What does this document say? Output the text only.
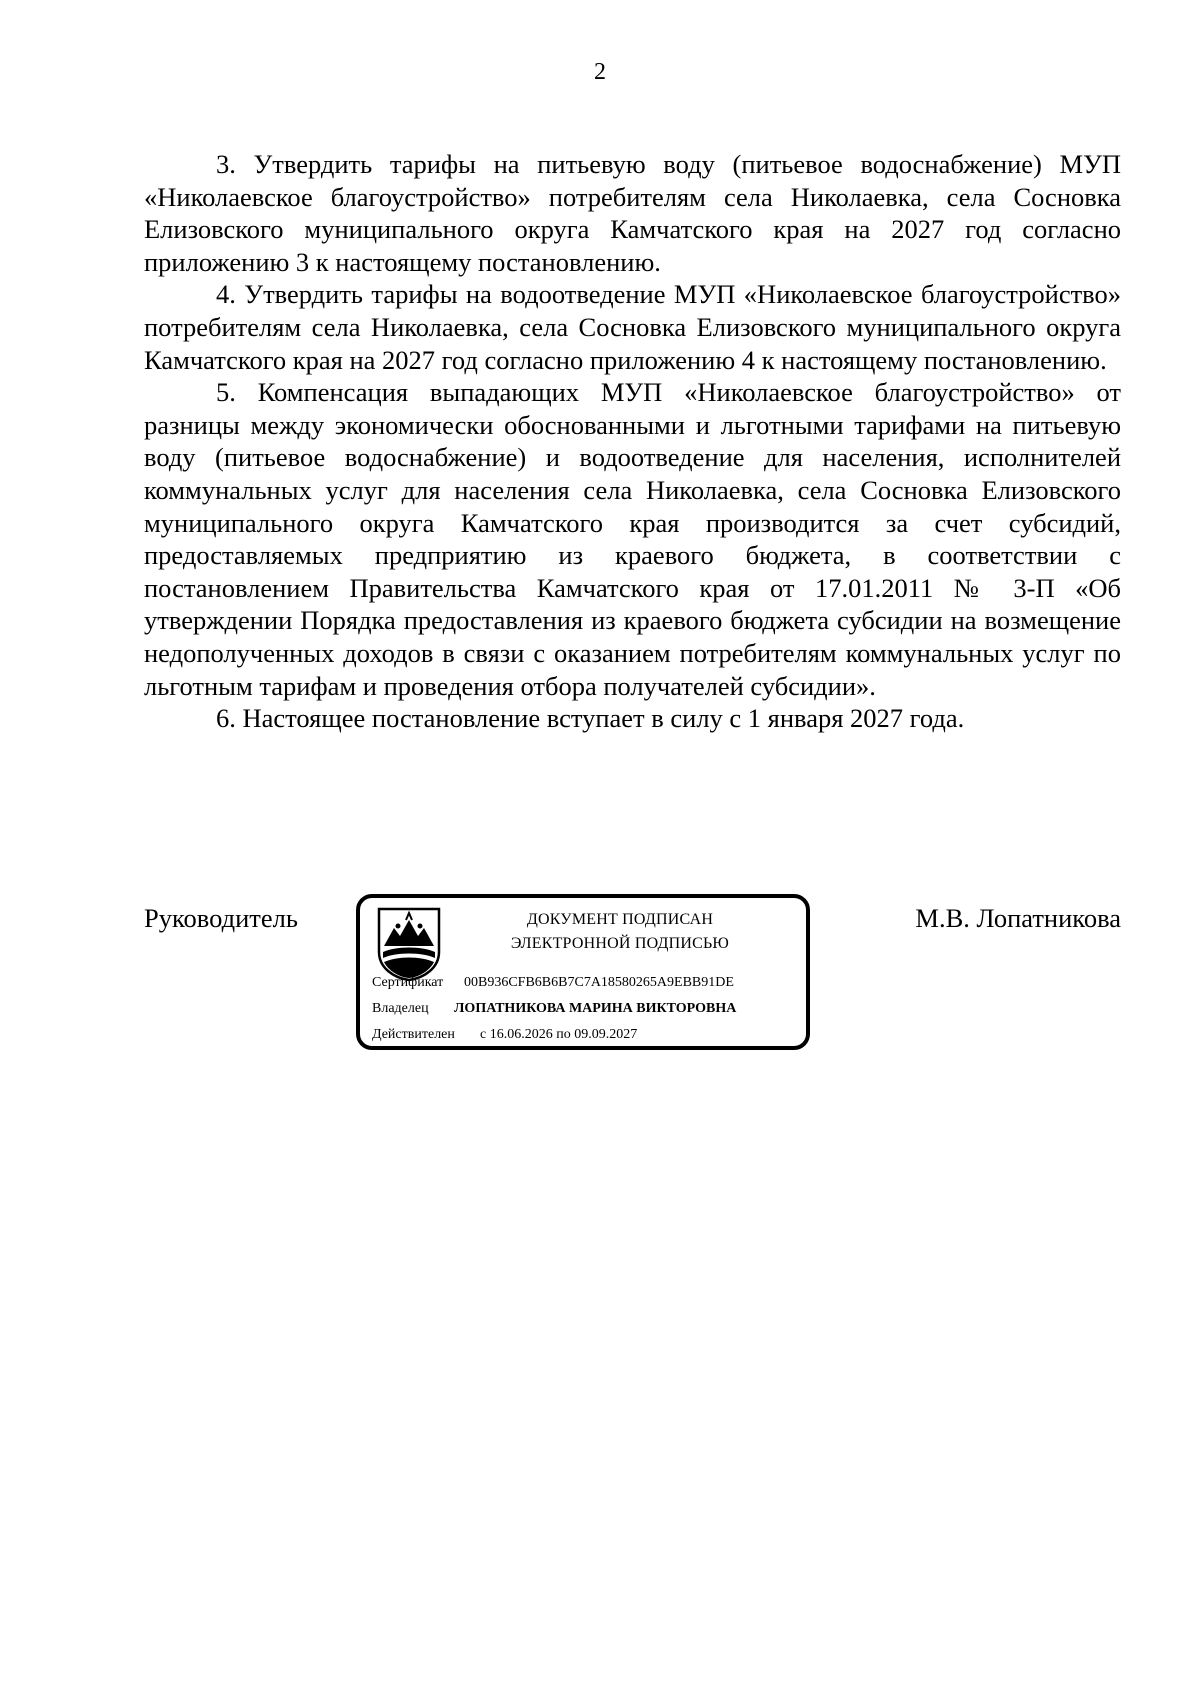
2

3. Утвердить тарифы на питьевую воду (питьевое водоснабжение) МУП «Николаевское благоустройство» потребителям села Николаевка, села Сосновка Елизовского муниципального округа Камчатского края на 2027 год согласно приложению 3 к настоящему постановлению.

4. Утвердить тарифы на водоотведение МУП «Николаевское благоустройство» потребителям села Николаевка, села Сосновка Елизовского муниципального округа Камчатского края на 2027 год согласно приложению 4 к настоящему постановлению.

5. Компенсация выпадающих МУП «Николаевское благоустройство» от разницы между экономически обоснованными и льготными тарифами на питьевую воду (питьевое водоснабжение) и водоотведение для населения, исполнителей коммунальных услуг для населения села Николаевка, села Сосновка Елизовского муниципального округа Камчатского края производится за счет субсидий, предоставляемых предприятию из краевого бюджета, в соответствии с постановлением Правительства Камчатского края от 17.01.2011 № 3-П «Об утверждении Порядка предоставления из краевого бюджета субсидии на возмещение недополученных доходов в связи с оказанием потребителям коммунальных услуг по льготным тарифам и проведения отбора получателей субсидии».

6. Настоящее постановление вступает в силу с 1 января 2027 года.

Руководитель	ДОКУМЕНТ ПОДПИСАН
ЭЛЕКТРОННОЙ ПОДПИСЬЮ
Сертификат 00B936CFB6B6B7C7A18580265A9EBB91DE
Владелец ЛОПАТНИКОВА МАРИНА ВИКТОРОВНА
Действителен с 16.06.2026 по 09.09.2027
М.В. Лопатникова
